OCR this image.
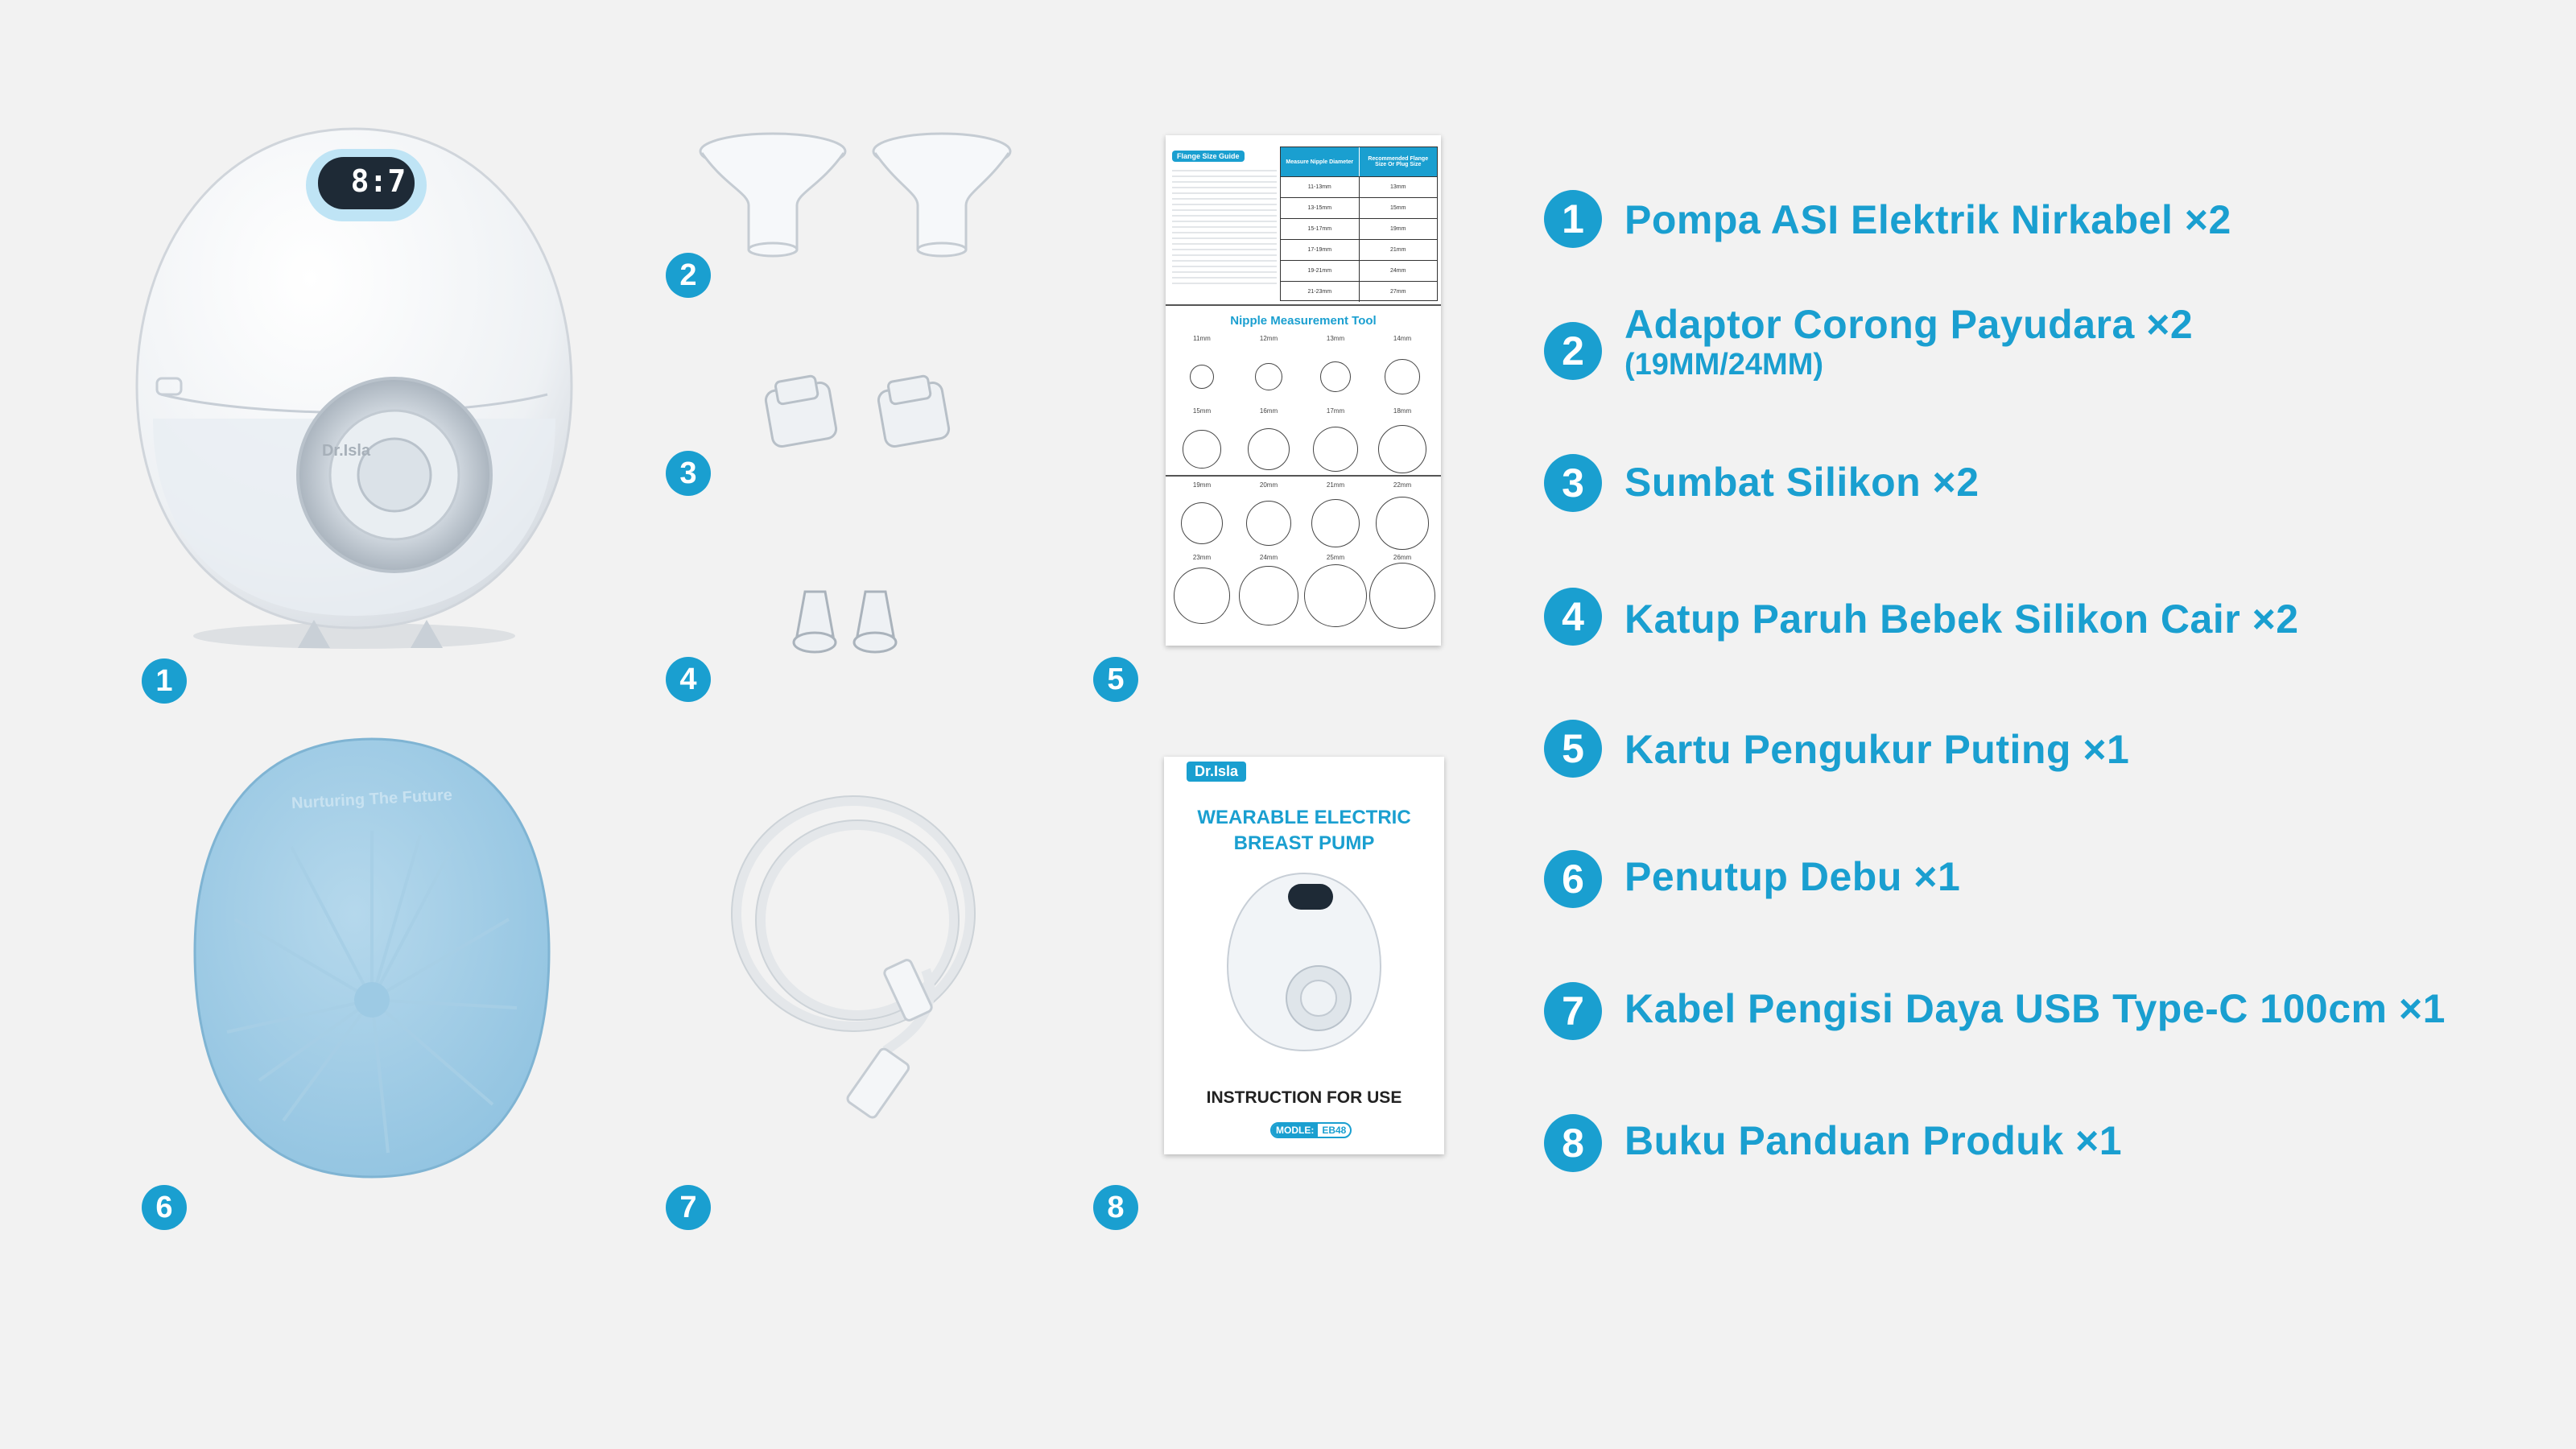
8:7
Dr.Isla
1
2
3
4
Flange Size Guide
Measure Nipple Diameter	Recommended Flange Size Or Plug Size
11-13mm	13mm
13-15mm	15mm
15-17mm	19mm
17-19mm	21mm
19-21mm	24mm
21-23mm	27mm
Nipple Measurement Tool
11mm	12mm	13mm	14mm
15mm	16mm	17mm	18mm
19mm	20mm	21mm	22mm
23mm	24mm	25mm	26mm
5
Nurturing The Future
6	7
Dr.Isla
WEARABLE ELECTRIC
BREAST PUMP
INSTRUCTION FOR USE
MODLE: EB48
8
1	Pompa ASI Elektrik Nirkabel ×2
2
Adaptor Corong Payudara ×2
(19MM/24MM)
3	Sumbat Silikon ×2
4	Katup Paruh Bebek Silikon Cair ×2
5	Kartu Pengukur Puting ×1
6	Penutup Debu ×1
7	Kabel Pengisi Daya USB Type-C 100cm ×1
8	Buku Panduan Produk ×1
